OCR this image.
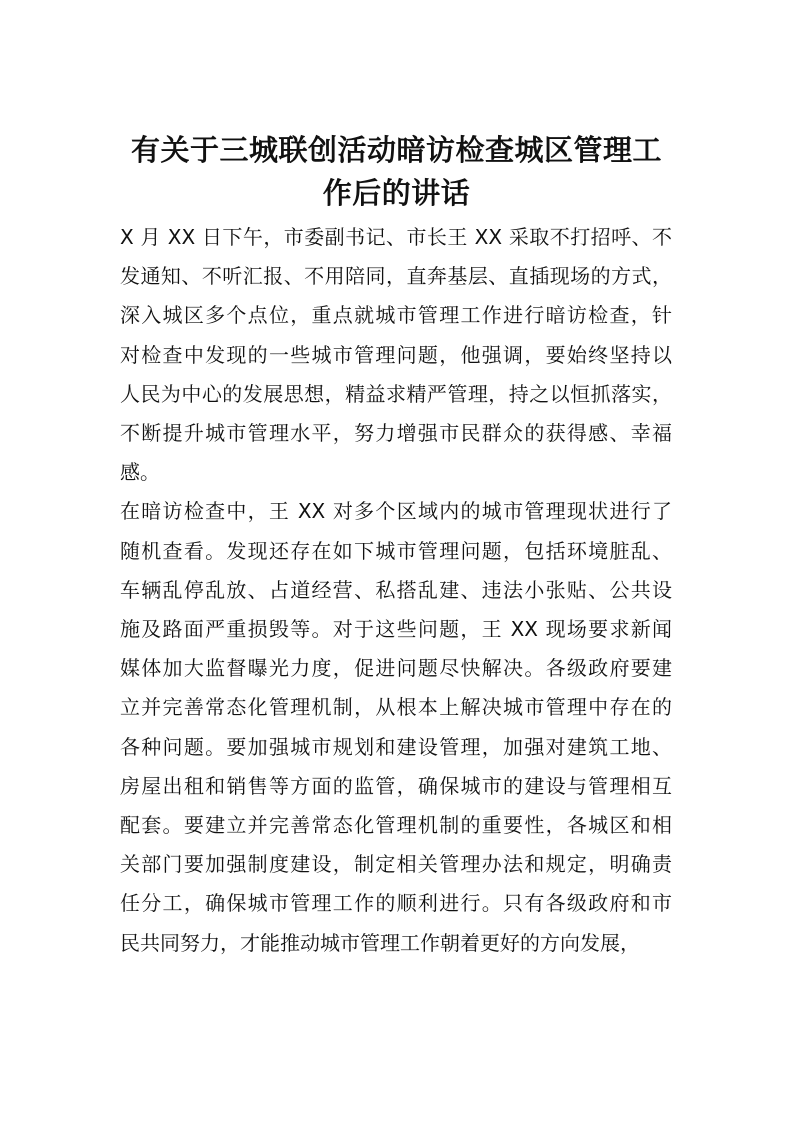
有关于三城联创活动暗访检查城区管理工
作后的讲话
X 月 XX 日下午，市委副书记、市长王 XX 采取不打招呼、不
发通知、不听汇报、不用陪同，直奔基层、直插现场的方式，
深入城区多个点位，重点就城市管理工作进行暗访检查，针
对检查中发现的一些城市管理问题，他强调，要始终坚持以
人民为中心的发展思想，精益求精严管理，持之以恒抓落实，
不断提升城市管理水平，努力增强市民群众的获得感、幸福
感。
在暗访检查中，王 XX 对多个区域内的城市管理现状进行了
随机查看。发现还存在如下城市管理问题，包括环境脏乱、
车辆乱停乱放、占道经营、私搭乱建、违法小张贴、公共设
施及路面严重损毁等。对于这些问题，王 XX 现场要求新闻
媒体加大监督曝光力度，促进问题尽快解决。各级政府要建
立并完善常态化管理机制，从根本上解决城市管理中存在的
各种问题。要加强城市规划和建设管理，加强对建筑工地、
房屋出租和销售等方面的监管，确保城市的建设与管理相互
配套。要建立并完善常态化管理机制的重要性，各城区和相
关部门要加强制度建设，制定相关管理办法和规定，明确责
任分工，确保城市管理工作的顺利进行。只有各级政府和市
民共同努力，才能推动城市管理工作朝着更好的方向发展，
